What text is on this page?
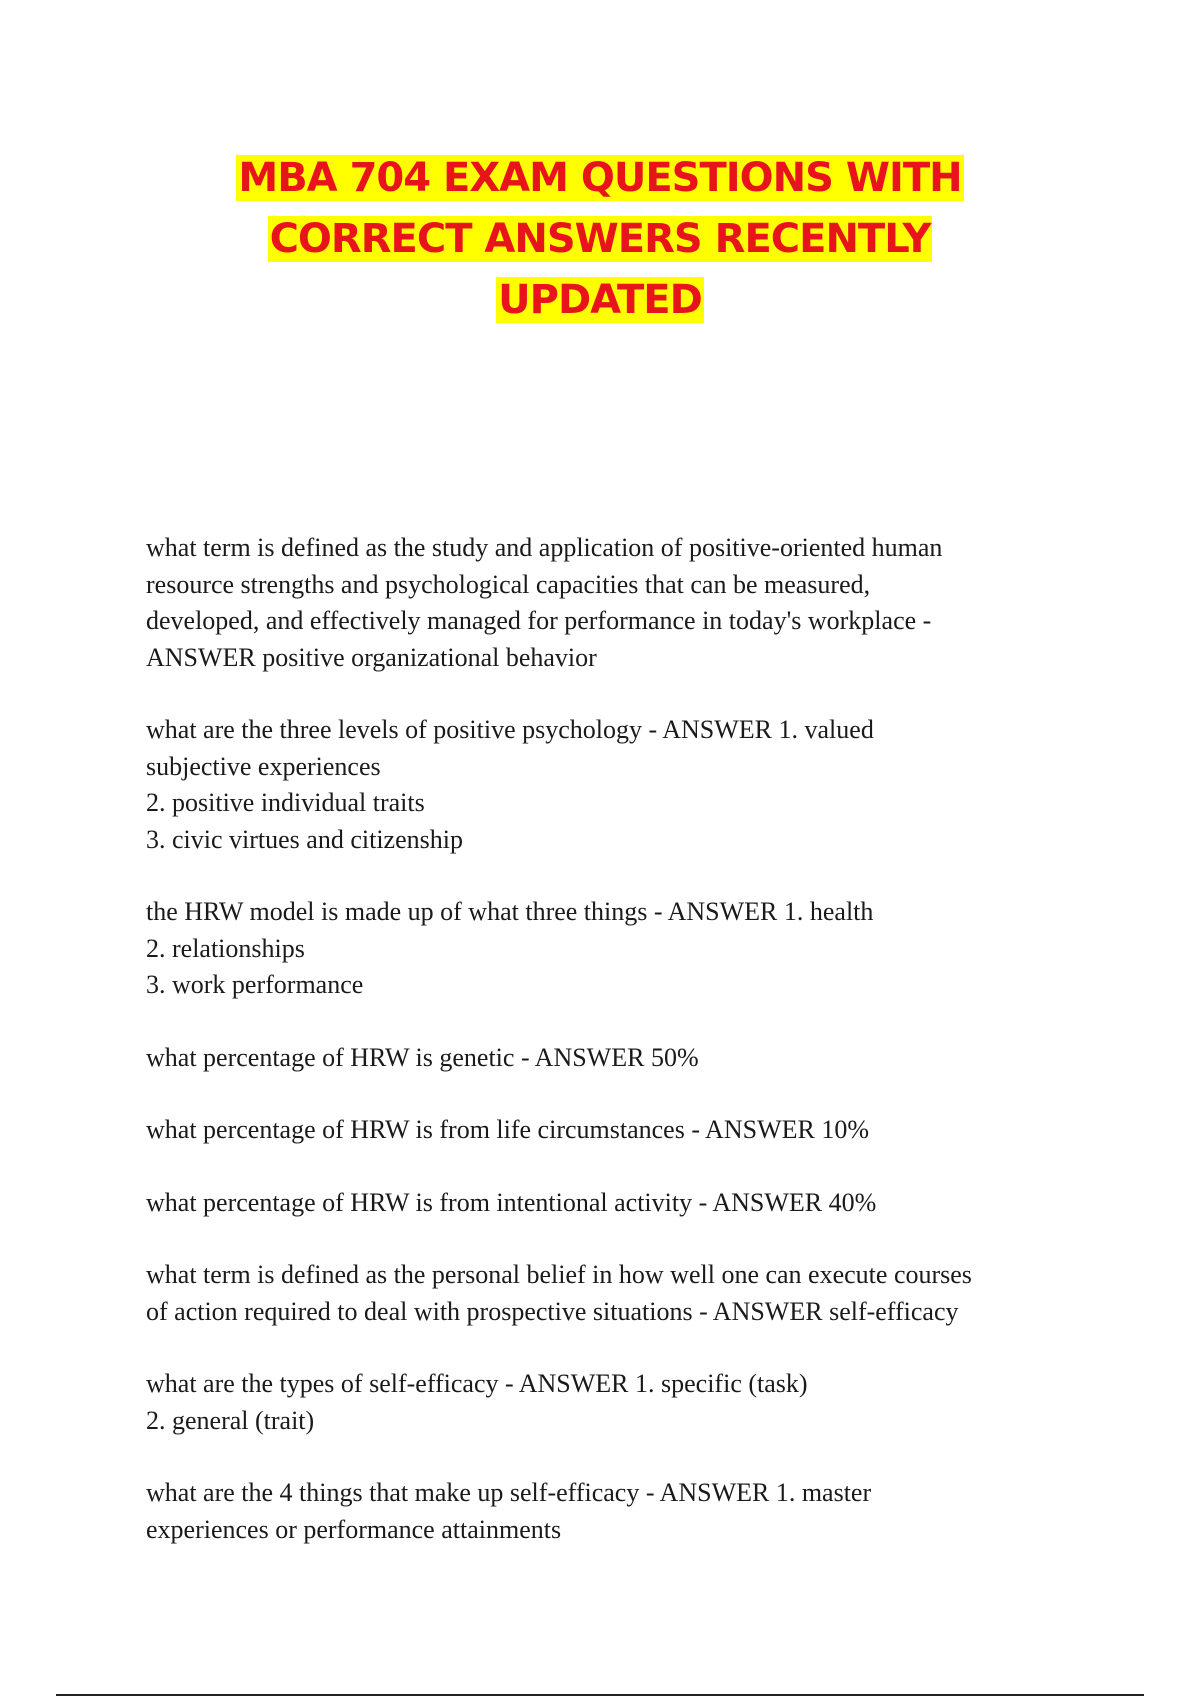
MBA 704 EXAM QUESTIONS WITH
CORRECT ANSWERS RECENTLY
UPDATED

what term is defined as the study and application of positive-oriented human

resource strengths and psychological capacities that can be measured,

developed, and effectively managed for performance in today's workplace -

ANSWER positive organizational behavior

what are the three levels of positive psychology - ANSWER 1. valued

subjective experiences

2. positive individual traits

3. civic virtues and citizenship

the HRW model is made up of what three things - ANSWER 1. health

2. relationships

3. work performance

what percentage of HRW is genetic - ANSWER 50%

what percentage of HRW is from life circumstances - ANSWER 10%

what percentage of HRW is from intentional activity - ANSWER 40%

what term is defined as the personal belief in how well one can execute courses

of action required to deal with prospective situations - ANSWER self-efficacy

what are the types of self-efficacy - ANSWER 1. specific (task)

2. general (trait)

what are the 4 things that make up self-efficacy - ANSWER 1. master

experiences or performance attainments
